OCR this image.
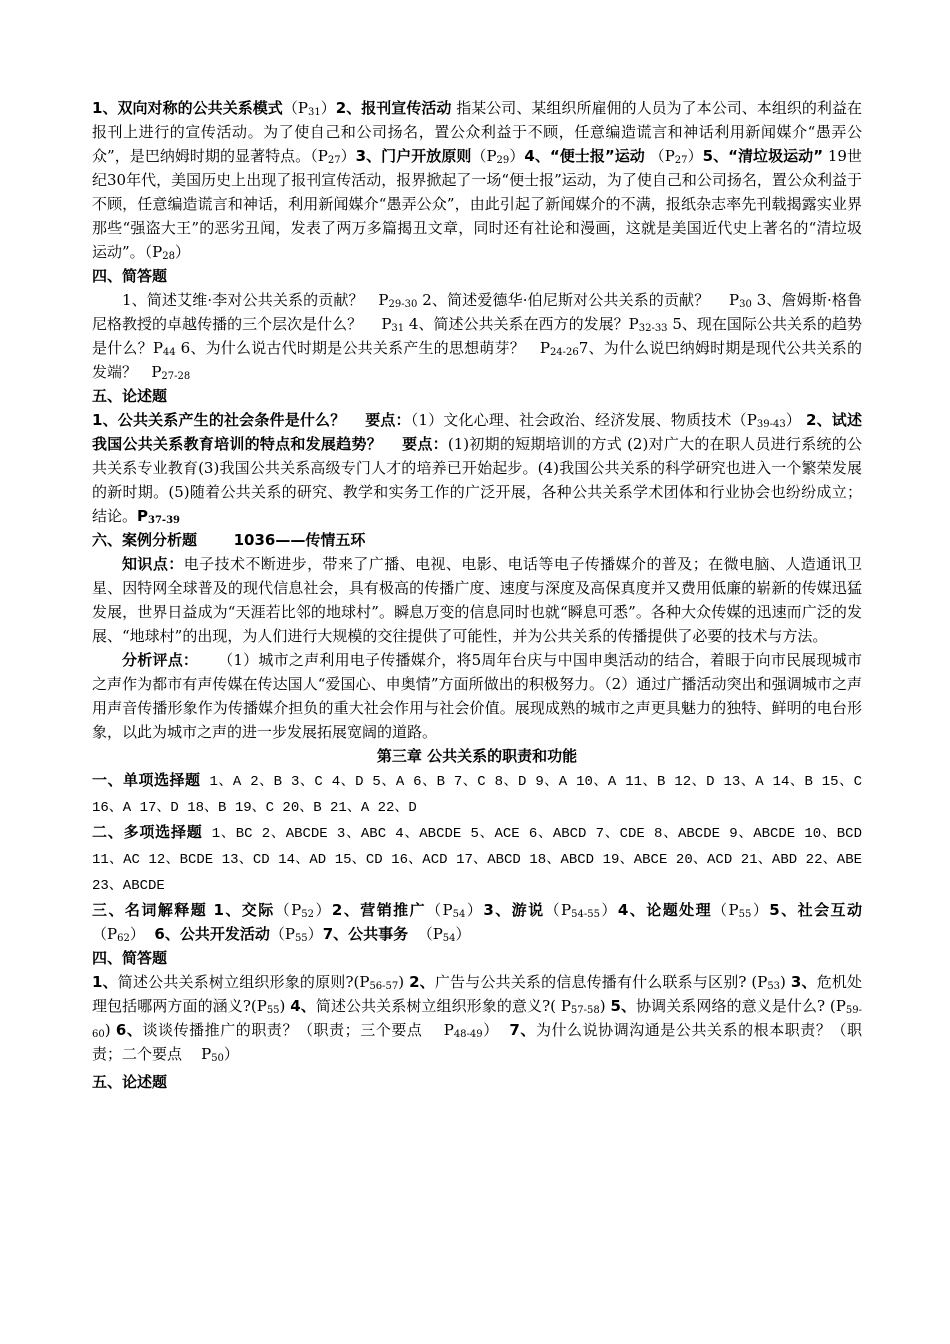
1、双向对称的公共关系模式$(P_{31})2$、报刊宣传活动 指某公司、某组织所雇佣的人员为了本公司、本组织的利益在报刊上进行的宣传活动。为了使自己和公司扬名，置公众利益于不顾，任意编造谎言和神话利用新闻媒介“愚弄公众”，是巴纳姆时期的显著特点。$(P_{27})3$、门户开放原则$(P_{29})4$、“便士报”运动 $(P_{27})5$、“清垃圾运动” 19世纪30年代，美国历史上出现了报刊宣传活动，报界掀起了一场“便士报”运动，为了使自己和公司扬名，置公众利益于不顾，任意编造谎言和神话，利用新闻媒介“愚弄公众”，由此引起了新闻媒介的不满，报纸杂志率先刊载揭露实业界那些“强盗大王”的恶劣丑闻，发表了两万多篇揭丑文章，同时还有社论和漫画，这就是美国近代史上著名的“清垃圾运动”。$(P_{28})$

四、简答题

1、简述艾维·李对公共关系的贡献？ $P_{29-30}$ 2、简述爱德华·伯尼斯对公共关系的贡献？ $P_{30}$ 3、詹姆斯·格鲁尼格教授的卓越传播的三个层次是什么？ $P_{31}$ 4、简述公共关系在西方的发展？$P_{32-33}$ 5、现在国际公共关系的趋势是什么？$P_{44}$ 6、为什么说古代时期是公共关系产生的思想萌芽？ $P_{24-26}7$、为什么说巴纳姆时期是现代公共关系的发端？ $P_{27-28}$

五、论述题

1、公共关系产生的社会条件是什么？ 要点：（1）文化心理、社会政治、经济发展、物质技术$(P_{39-43})$ 2、试述我国公共关系教育培训的特点和发展趋势？ 要点：(1)初期的短期培训的方式 (2)对广大的在职人员进行系统的公共关系专业教育(3)我国公共关系高级专门人才的培养已开始起步。(4)我国公共关系的科学研究也进入一个繁荣发展的新时期。(5)随着公共关系的研究、教学和实务工作的广泛开展，各种公共关系学术团体和行业协会也纷纷成立；结论。$P_{37-39}$

六、案例分析题 1036——传情五环

知识点：电子技术不断进步，带来了广播、电视、电影、电话等电子传播媒介的普及；在微电脑、人造通讯卫星、因特网全球普及的现代信息社会，具有极高的传播广度、速度与深度及高保真度并又费用低廉的崭新的传媒迅猛发展，世界日益成为“天涯若比邻的地球村”。瞬息万变的信息同时也就“瞬息可悉”。各种大众传媒的迅速而广泛的发展、“地球村”的出现，为人们进行大规模的交往提供了可能性，并为公共关系的传播提供了必要的技术与方法。

分析评点： （1）城市之声利用电子传播媒介，将5周年台庆与中国申奥活动的结合，着眼于向市民展现城市之声作为都市有声传媒在传达国人“爱国心、申奥情”方面所做出的积极努力。（2）通过广播活动突出和强调城市之声用声音传播形象作为传播媒介担负的重大社会作用与社会价值。展现成熟的城市之声更具魅力的独特、鲜明的电台形象，以此为城市之声的进一步发展拓展宽阔的道路。

第三章 公共关系的职责和功能

一、单项选择题 1、A 2、B 3、C 4、D 5、A 6、B 7、C 8、D 9、A 10、A 11、B 12、D 13、A 14、B 15、C 16、A 17、D 18、B 19、C 20、B 21、A 22、D

二、多项选择题 1、BC 2、ABCDE 3、ABC 4、ABCDE 5、ACE 6、ABCD 7、CDE 8、ABCDE 9、ABCDE 10、BCD 11、AC 12、BCDE 13、CD 14、AD 15、CD 16、ACD 17、ABCD 18、ABCD 19、ABCE 20、ACD 21、ABD 22、ABE 23、ABCDE

三、名词解释题 1、交际$(P_{52})2$、营销推广$(P_{54})3$、游说$(P_{54-55})4$、论题处理$(P_{55})5$、社会互动$(P_{62})$ 6、公共开发活动$(P_{55})7$、公共事务 $(P_{54})$

四、简答题

1、简述公共关系树立组织形象的原则$?(P_{56-57})$ 2、广告与公共关系的信息传播有什么联系与区别? $(P_{53})$ 3、危机处理包括哪两方面的涵义$?(P_{55})$ 4、简述公共关系树立组织形象的意义?( $P_{57-58}$) 5、协调关系网络的意义是什么? $(P_{59-60})$ 6、谈谈传播推广的职责？（职责；三个要点 $P_{48-49}$）  7、为什么说协调沟通是公共关系的根本职责？（职责；二个要点 $P_{50}$）

五、论述题
